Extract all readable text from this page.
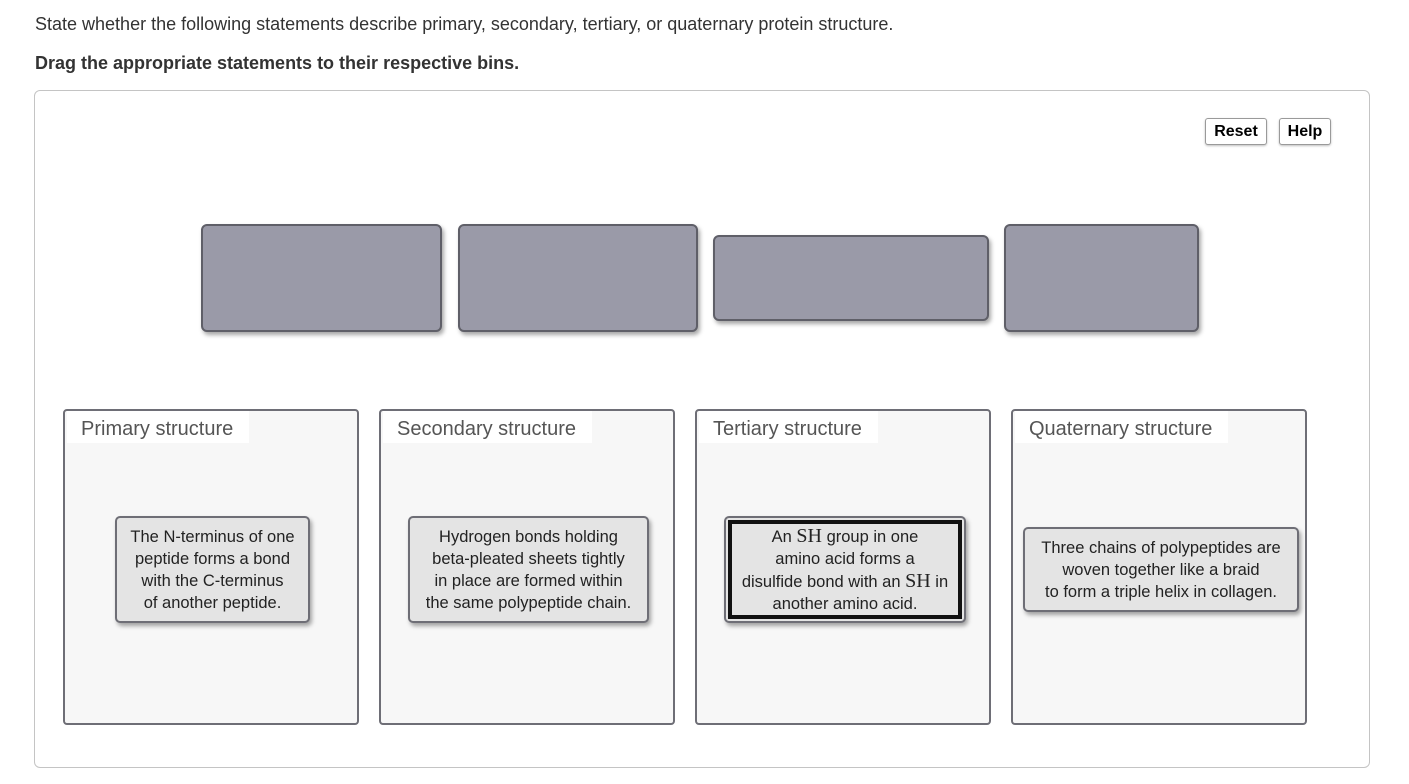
State whether the following statements describe primary, secondary, tertiary, or quaternary protein structure.
Drag the appropriate statements to their respective bins.
Reset	Help
Primary structure
The N-terminus of one
peptide forms a bond
with the C-terminus
of another peptide.
Secondary structure
Hydrogen bonds holding
beta-pleated sheets tightly
in place are formed within
the same polypeptide chain.
Tertiary structure
An SH group in one
amino acid forms a
disulfide bond with an SH in
another amino acid.
Quaternary structure
Three chains of polypeptides are
woven together like a braid
to form a triple helix in collagen.
